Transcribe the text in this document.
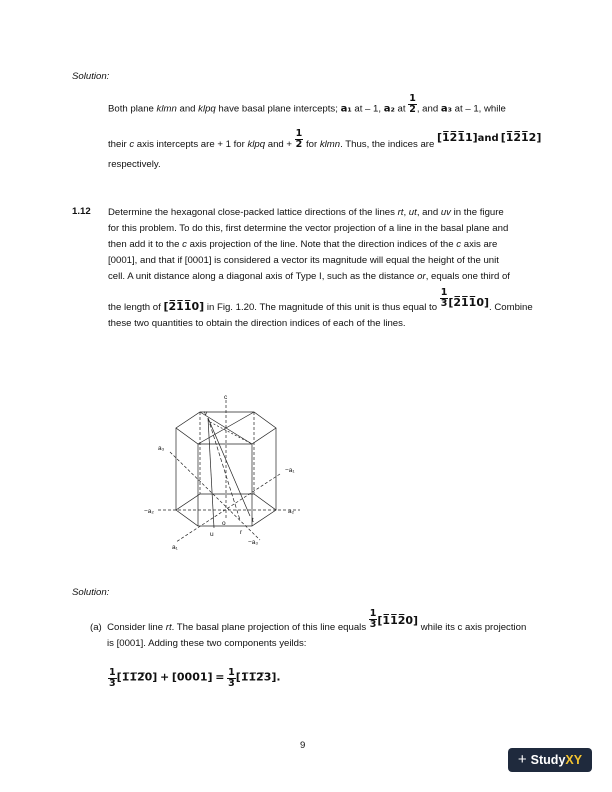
Solution:
Both plane klmn and klpq have basal plane intercepts; a₁ at – 1, a₂ at $\frac{1}{2}$ , and a₃ at – 1, while
their c axis intercepts are + 1 for klpq and + $\frac{1}{2}$ for klmn. Thus, the indices are [1̅2̅1̅1]and [1̅2̅1̅2]
respectively.
1.12 Determine the hexagonal close-packed lattice directions of the lines rt, ut, and uv in the figure
for this problem. To do this, first determine the vector projection of a line in the basal plane and
then add it to the c axis projection of the line. Note that the direction indices of the c axis are
[0001], and that if [0001] is considered a vector its magnitude will equal the height of the unit
cell. A unit distance along a diagonal axis of Type I, such as the distance or, equals one third of
the length of [2̅1̅1̅0] in Fig. 1.20. The magnitude of this unit is thus equal to $\frac{1}{3}$ [2̅1̅1̅0]. Combine
these two quantities to obtain the direction indices of each of the lines.
c
v
a₃
−a₁
−a₂	a₂
o
u	r
t
−a₃
a₁
Solution:
(a) Consider line rt. The basal plane projection of this line equals $\frac{1}{3}$ [1̅1̅2̅0] while its c axis projection
is [0001]. Adding these two components yeilds:
$\frac{1}{3}$ [1̅1̅2̅0] + $[0001] = \frac{1}{3}$ [1̅1̅2̅3].
9
+ Study XY
